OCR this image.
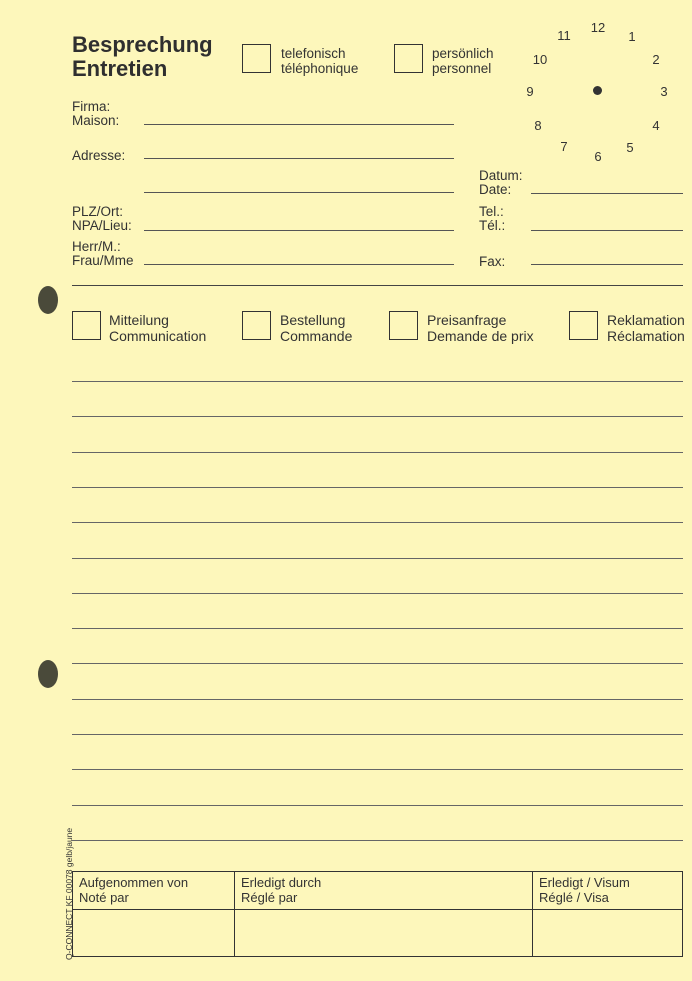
Besprechung
Entretien
telefonisch
téléphonique
persönlich
personnel
12
1
2
3
4
5
6
7
8
9
10
11
Firma:
Maison:
Adresse:
PLZ/Ort:
NPA/Lieu:
Herr/M.:
Frau/Mme
Datum:
Date:
Tel.:
Tél.:
Fax:
Mitteilung
Communication
Bestellung
Commande
Preisanfrage
Demande de prix
Reklamation
Réclamation
Q-CONNECT KF 00078 gelb/jaune Aufgenommen von
Noté par
Erledigt durch
Réglé par
Erledigt / Visum
Réglé / Visa
